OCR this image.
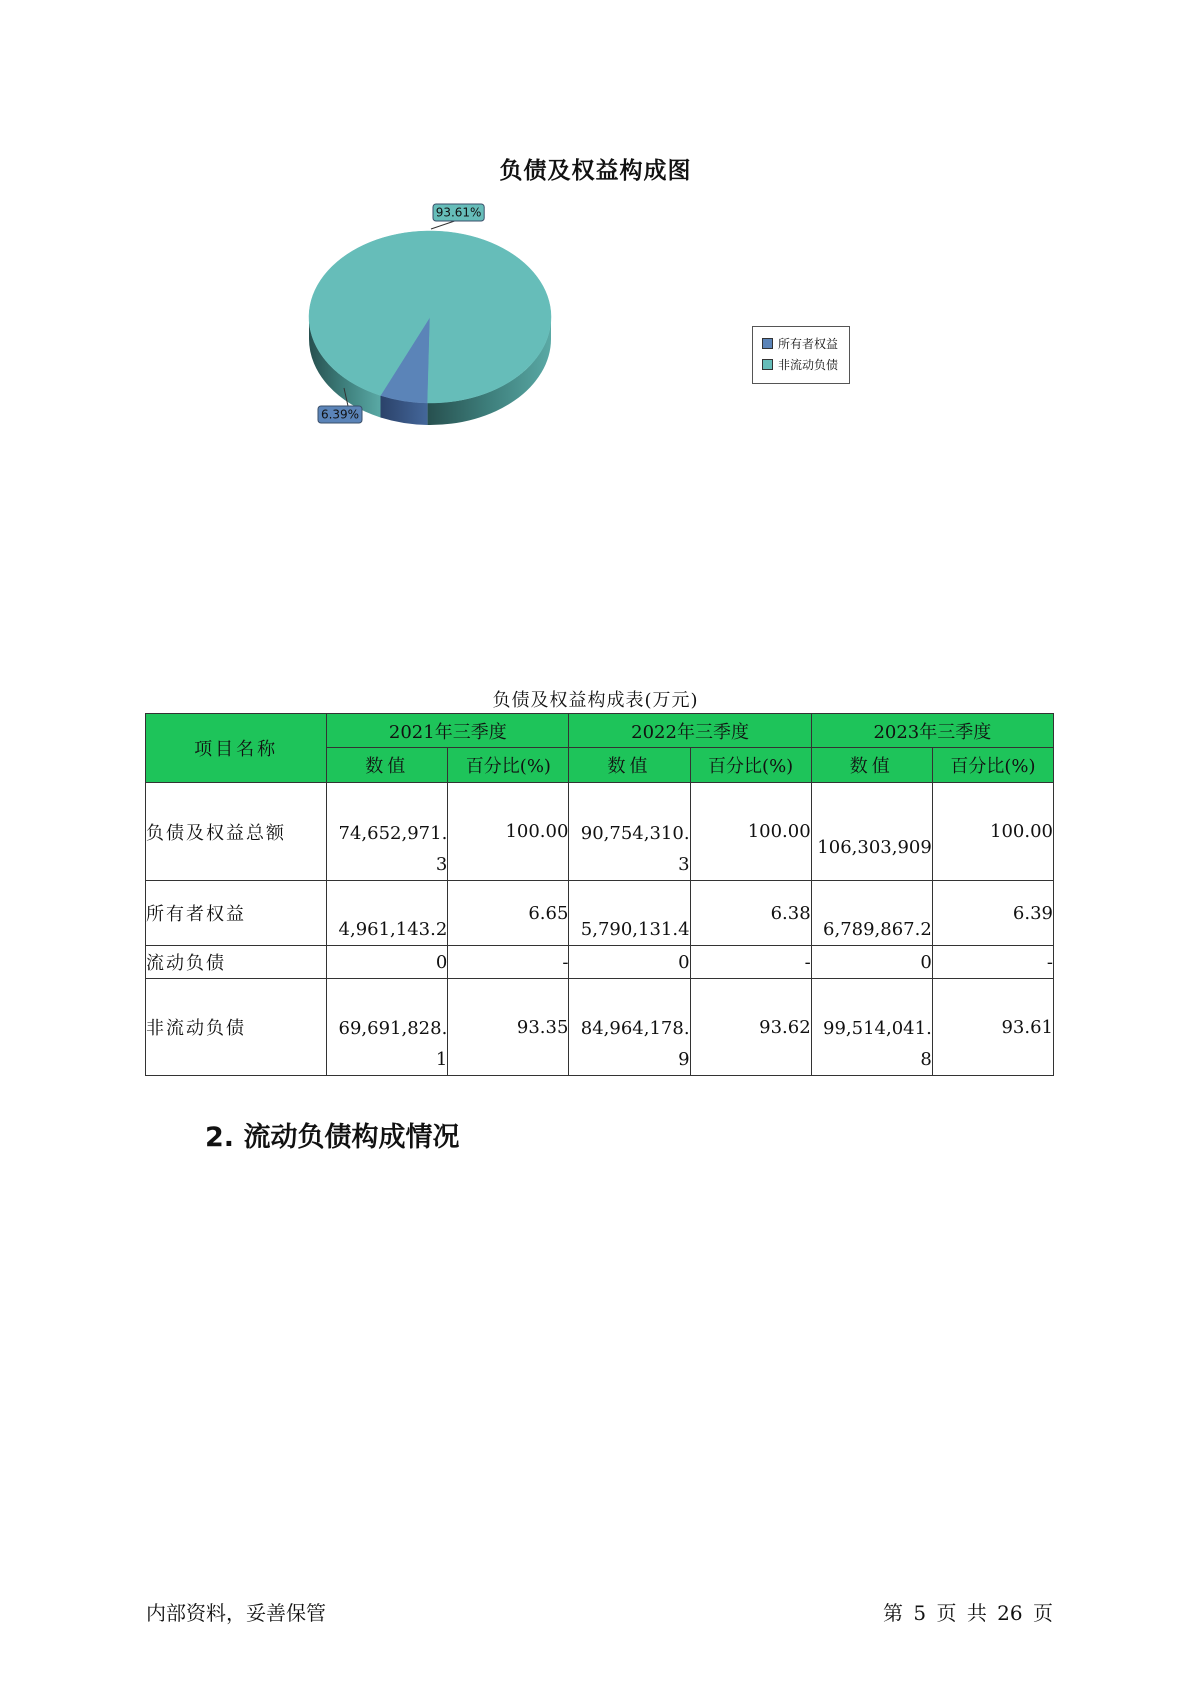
负债及权益构成图
6.39%
93.61%
所有者权益
非流动负债
负债及权益构成表(万元)
项目名称	2021年三季度		2022年三季度		2023年三季度	
	数值	百分比(%)	数值	百分比(%)	数值	百分比(%)
负债及权益总额	74,652,971.3	100.00	90,754,310.3	100.00	106,303,909	100.00
所有者权益	4,961,143.2	6.65	5,790,131.4	6.38	6,789,867.2	6.39
流动负债	0	-	0	-	0	-
非流动负债	69,691,828.1	93.35	84,964,178.9	93.62	99,514,041.8	93.61
2. 流动负债构成情况
内部资料，妥善保管	第 5 页 共 26 页
